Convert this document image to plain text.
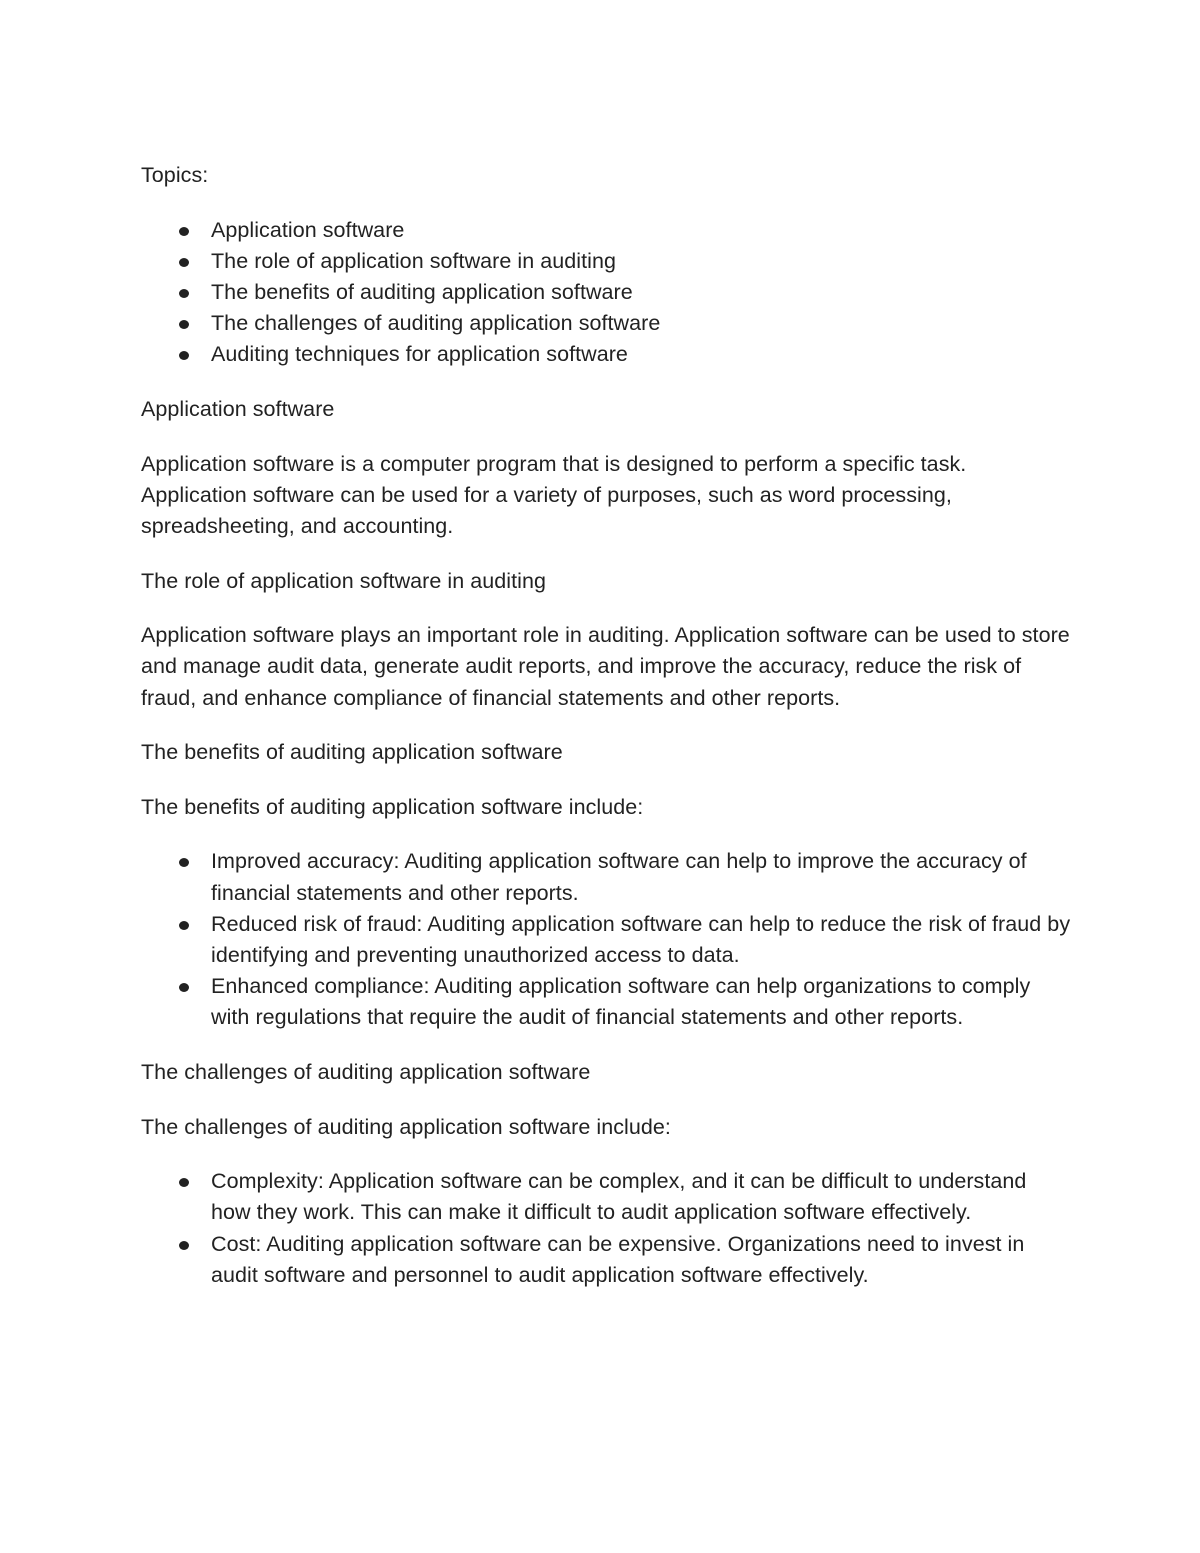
Topics:

Application software
The role of application software in auditing
The benefits of auditing application software
The challenges of auditing application software
Auditing techniques for application software

Application software

Application software is a computer program that is designed to perform a specific task. Application software can be used for a variety of purposes, such as word processing, spreadsheeting, and accounting.

The role of application software in auditing

Application software plays an important role in auditing. Application software can be used to store and manage audit data, generate audit reports, and improve the accuracy, reduce the risk of fraud, and enhance compliance of financial statements and other reports.

The benefits of auditing application software

The benefits of auditing application software include:

Improved accuracy: Auditing application software can help to improve the accuracy of financial statements and other reports.
Reduced risk of fraud: Auditing application software can help to reduce the risk of fraud by identifying and preventing unauthorized access to data.
Enhanced compliance: Auditing application software can help organizations to comply with regulations that require the audit of financial statements and other reports.

The challenges of auditing application software

The challenges of auditing application software include:

Complexity: Application software can be complex, and it can be difficult to understand how they work. This can make it difficult to audit application software effectively.
Cost: Auditing application software can be expensive. Organizations need to invest in audit software and personnel to audit application software effectively.
